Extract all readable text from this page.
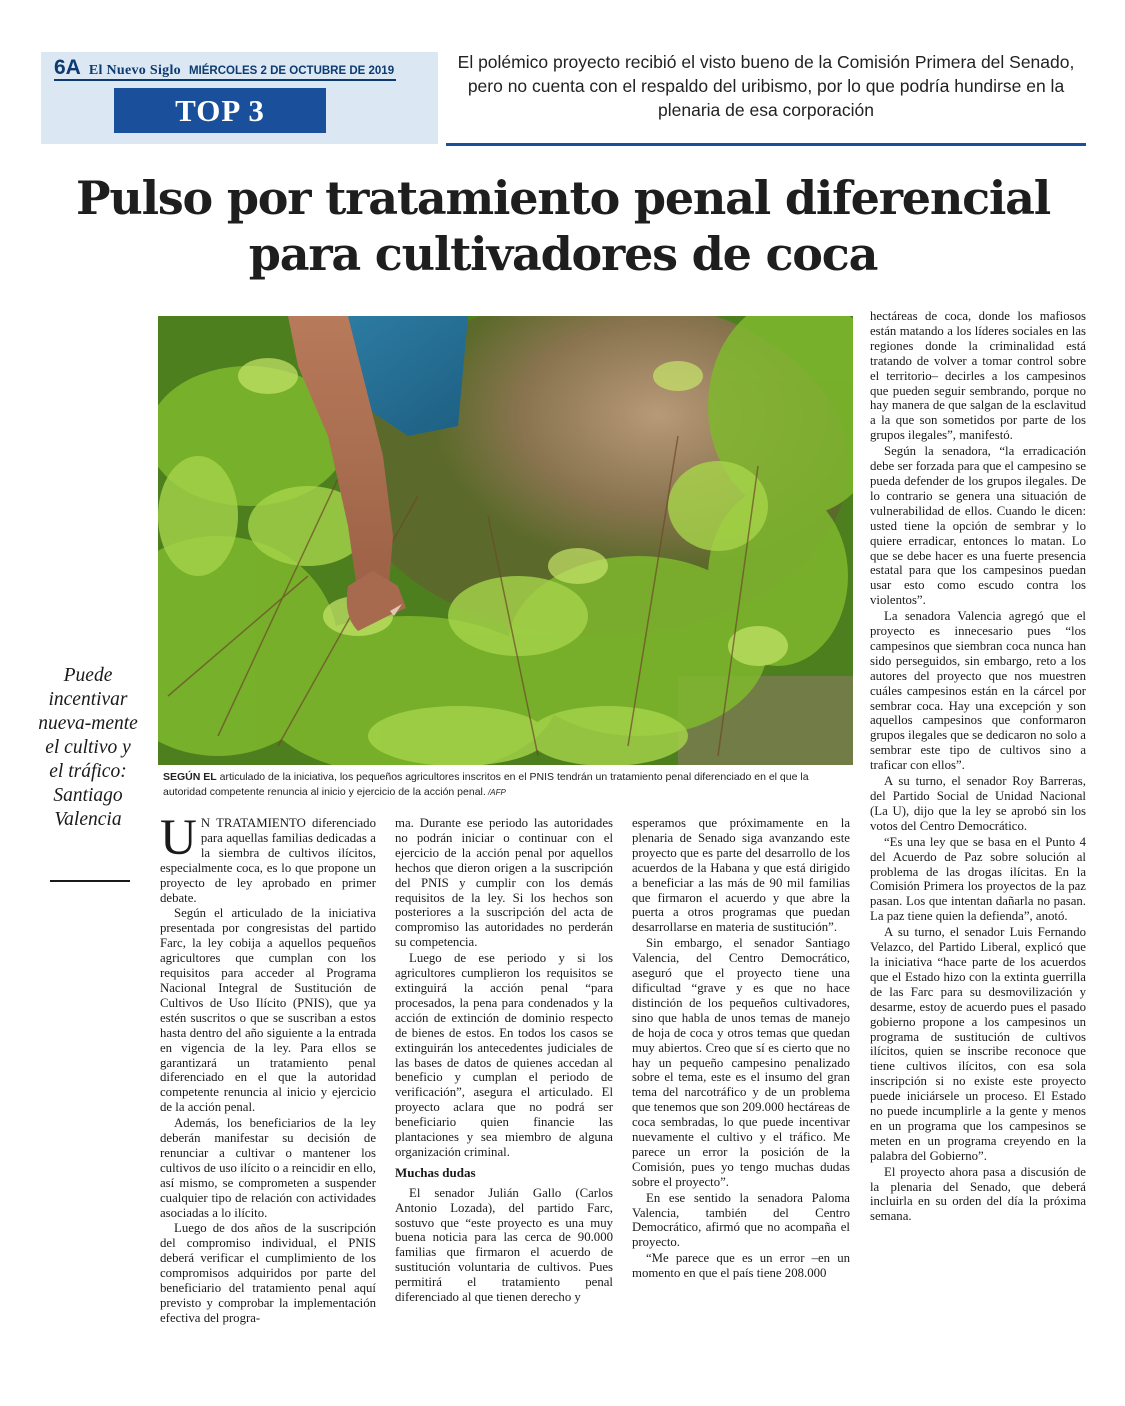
6A El Nuevo Siglo MIÉRCOLES 2 DE OCTUBRE DE 2019
TOP 3
El polémico proyecto recibió el visto bueno de la Comisión Primera del Senado, pero no cuenta con el respaldo del uribismo, por lo que podría hundirse en la plenaria de esa corporación
Pulso por tratamiento penal diferencial para cultivadores de coca
SEGÚN EL articulado de la iniciativa, los pequeños agricultores inscritos en el PNIS tendrán un tratamiento penal diferenciado en el que la autoridad competente renuncia al inicio y ejercicio de la acción penal. /AFP
Puede incentivar nueva-mente el cultivo y el tráfico: Santiago Valencia U N TRATAMIENTO diferenciado para aquellas familias dedicadas a la siembra de cultivos ilícitos, especialmente coca, es lo que propone un proyecto de ley aprobado en primer debate.

Según el articulado de la iniciativa presentada por congresistas del partido Farc, la ley cobija a aquellos pequeños agricultores que cumplan con los requisitos para acceder al Programa Nacional Integral de Sustitución de Cultivos de Uso Ilícito (PNIS), que ya estén suscritos o que se suscriban a estos hasta dentro del año siguiente a la entrada en vigencia de la ley. Para ellos se garantizará un tratamiento penal diferenciado en el que la autoridad competente renuncia al inicio y ejercicio de la acción penal.

Además, los beneficiarios de la ley deberán manifestar su decisión de renunciar a cultivar o mantener los cultivos de uso ilícito o a reincidir en ello, así mismo, se comprometen a suspender cualquier tipo de relación con actividades asociadas a lo ilícito.

Luego de dos años de la suscripción del compromiso individual, el PNIS deberá verificar el cumplimiento de los compromisos adquiridos por parte del beneficiario del tratamiento penal aquí previsto y comprobar la implementación efectiva del progra-

ma. Durante ese periodo las autoridades no podrán iniciar o continuar con el ejercicio de la acción penal por aquellos hechos que dieron origen a la suscripción del PNIS y cumplir con los demás requisitos de la ley. Si los hechos son posteriores a la suscripción del acta de compromiso las autoridades no perderán su competencia.

Luego de ese periodo y si los agricultores cumplieron los requisitos se extinguirá la acción penal “para procesados, la pena para condenados y la acción de extinción de dominio respecto de bienes de estos. En todos los casos se extinguirán los antecedentes judiciales de las bases de datos de quienes accedan al beneficio y cumplan el periodo de verificación”, asegura el articulado. El proyecto aclara que no podrá ser beneficiario quien financie las plantaciones y sea miembro de alguna organización criminal.

Muchas dudas

El senador Julián Gallo (Carlos Antonio Lozada), del partido Farc, sostuvo que “este proyecto es una muy buena noticia para las cerca de 90.000 familias que firmaron el acuerdo de sustitución voluntaria de cultivos. Pues permitirá el tratamiento penal diferenciado al que tienen derecho y

esperamos que próximamente en la plenaria de Senado siga avanzando este proyecto que es parte del desarrollo de los acuerdos de la Habana y que está dirigido a beneficiar a las más de 90 mil familias que firmaron el acuerdo y que abre la puerta a otros programas que puedan desarrollarse en materia de sustitución”.

Sin embargo, el senador Santiago Valencia, del Centro Democrático, aseguró que el proyecto tiene una dificultad “grave y es que no hace distinción de los pequeños cultivadores, sino que habla de unos temas de manejo de hoja de coca y otros temas que quedan muy abiertos. Creo que sí es cierto que no hay un pequeño campesino penalizado sobre el tema, este es el insumo del gran tema del narcotráfico y de un problema que tenemos que son 209.000 hectáreas de coca sembradas, lo que puede incentivar nuevamente el cultivo y el tráfico. Me parece un error la posición de la Comisión, pues yo tengo muchas dudas sobre el proyecto”.

En ese sentido la senadora Paloma Valencia, también del Centro Democrático, afirmó que no acompaña el proyecto.

“Me parece que es un error –en un momento en que el país tiene 208.000

hectáreas de coca, donde los mafiosos están matando a los líderes sociales en las regiones donde la criminalidad está tratando de volver a tomar control sobre el territorio– decirles a los campesinos que pueden seguir sembrando, porque no hay manera de que salgan de la esclavitud a la que son sometidos por parte de los grupos ilegales”, manifestó.

Según la senadora, “la erradicación debe ser forzada para que el campesino se pueda defender de los grupos ilegales. De lo contrario se genera una situación de vulnerabilidad de ellos. Cuando le dicen: usted tiene la opción de sembrar y lo quiere erradicar, entonces lo matan. Lo que se debe hacer es una fuerte presencia estatal para que los campesinos puedan usar esto como escudo contra los violentos”.

La senadora Valencia agregó que el proyecto es innecesario pues “los campesinos que siembran coca nunca han sido perseguidos, sin embargo, reto a los autores del proyecto que nos muestren cuáles campesinos están en la cárcel por sembrar coca. Hay una excepción y son aquellos campesinos que conformaron grupos ilegales que se dedicaron no solo a sembrar este tipo de cultivos sino a traficar con ellos”.

A su turno, el senador Roy Barreras, del Partido Social de Unidad Nacional (La U), dijo que la ley se aprobó sin los votos del Centro Democrático.

“Es una ley que se basa en el Punto 4 del Acuerdo de Paz sobre solución al problema de las drogas ilícitas. En la Comisión Primera los proyectos de la paz pasan. Los que intentan dañarla no pasan. La paz tiene quien la defienda”, anotó.

A su turno, el senador Luis Fernando Velazco, del Partido Liberal, explicó que la iniciativa “hace parte de los acuerdos que el Estado hizo con la extinta guerrilla de las Farc para su desmovilización y desarme, estoy de acuerdo pues el pasado gobierno propone a los campesinos un programa de sustitución de cultivos ilícitos, quien se inscribe reconoce que tiene cultivos ilícitos, con esa sola inscripción si no existe este proyecto puede iniciársele un proceso. El Estado no puede incumplirle a la gente y menos en un programa que los campesinos se meten en un programa creyendo en la palabra del Gobierno”.

El proyecto ahora pasa a discusión de la plenaria del Senado, que deberá incluirla en su orden del día la próxima semana.
